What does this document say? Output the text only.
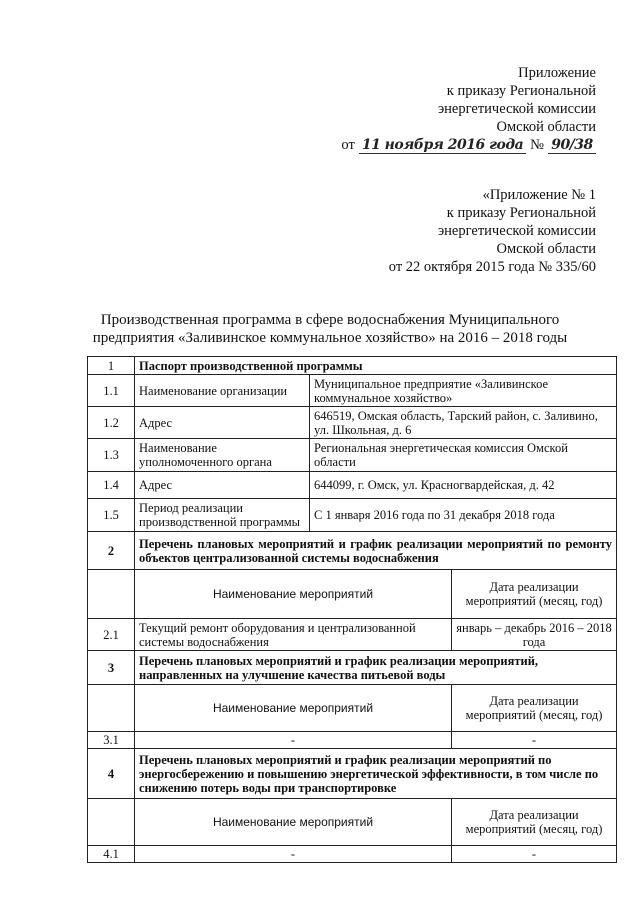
Приложение
к приказу Региональной
энергетической комиссии
Омской области
от 11 ноября 2016 года № 90/38
«Приложение № 1
к приказу Региональной
энергетической комиссии
Омской области
от 22 октября 2015 года № 335/60
Производственная программа в сфере водоснабжения Муниципального
предприятия «Заливинское коммунальное хозяйство» на 2016 – 2018 годы
1	Паспорт производственной программы		
1.1	Наименование организации	Муниципальное предприятие «Заливинское коммунальное хозяйство»	
1.2	Адрес	646519, Омская область, Тарский район, с. Заливино, ул. Школьная, д. 6	
1.3	Наименование уполномоченного органа	Региональная энергетическая комиссия Омской области	
1.4	Адрес	644099, г. Омск, ул. Красногвардейская, д. 42	
1.5	Период реализации производственной программы	С 1 января 2016 года по 31 декабря 2018 года	
2	Перечень плановых мероприятий и график реализации мероприятий по ремонту объектов централизованной системы водоснабжения		
	Наименование мероприятий		Дата реализации мероприятий (месяц, год)
2.1	Текущий ремонт оборудования и централизованной системы водоснабжения		январь – декабрь 2016 – 2018 года
3	Перечень плановых мероприятий и график реализации мероприятий, направленных на улучшение качества питьевой воды		
	Наименование мероприятий		Дата реализации мероприятий (месяц, год)
3.1	-		-
4	Перечень плановых мероприятий и график реализации мероприятий по энергосбережению и повышению энергетической эффективности, в том числе по снижению потерь воды при транспортировке		
	Наименование мероприятий		Дата реализации мероприятий (месяц, год)
4.1	-		-
